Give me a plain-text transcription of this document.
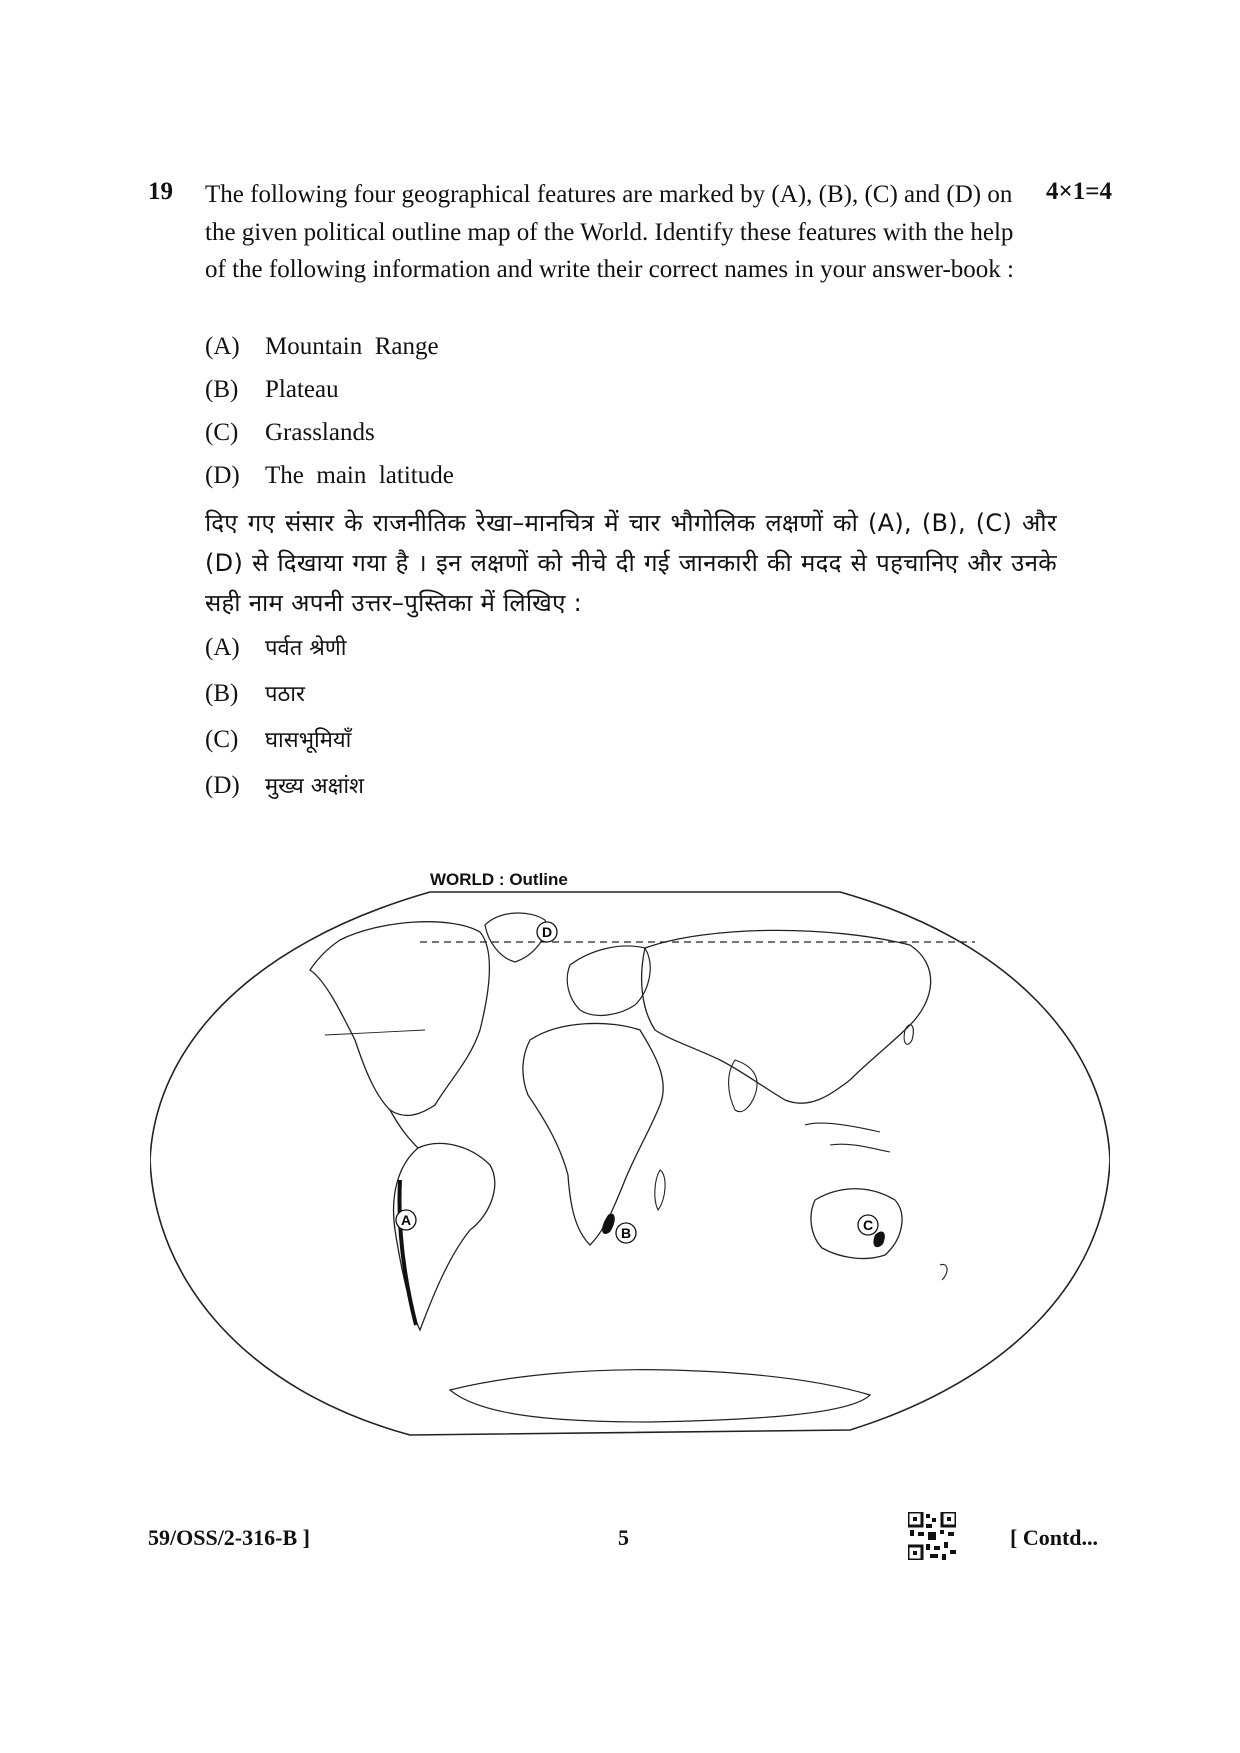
19	4×1=4

The following four geographical features are marked by (A), (B), (C) and (D) on the given political outline map of the World. Identify these features with the help of the following information and write their correct names in your answer-book :

(A) Mountain  Range
(B) Plateau
(C) Grasslands
(D) The  main  latitude

दिए गए संसार के राजनीतिक रेखा–मानचित्र में चार भौगोलिक लक्षणों को (A), (B), (C) और (D) से दिखाया गया है । इन लक्षणों को नीचे दी गई जानकारी की मदद से पहचानिए और उनके सही नाम अपनी उत्तर–पुस्तिका में लिखिए :

(A) पर्वत श्रेणी
(B) पठार
(C) घासभूमियाँ
(D) मुख्य अक्षांश
A
B	C
D

WORLD : Outline

59/OSS/2-316-B ]	5	[ Contd...
